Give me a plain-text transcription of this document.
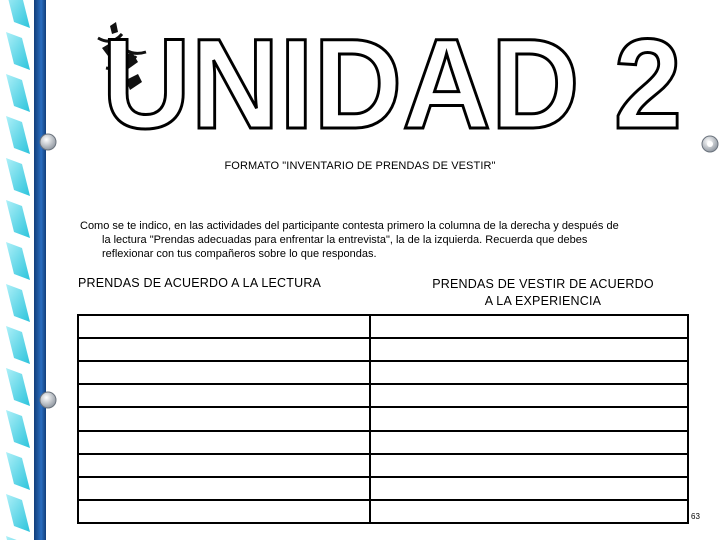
UNIDAD 2
FORMATO "INVENTARIO DE PRENDAS DE VESTIR"
Como se te indico, en las actividades del participante contesta primero la columna de la derecha y después de
la lectura "Prendas adecuadas para enfrentar la entrevista", la de la izquierda. Recuerda que debes
reflexionar con tus compañeros sobre lo que respondas.
PRENDAS DE ACUERDO A LA LECTURA	PRENDAS DE VESTIR DE ACUERDO
A LA EXPERIENCIA

63
